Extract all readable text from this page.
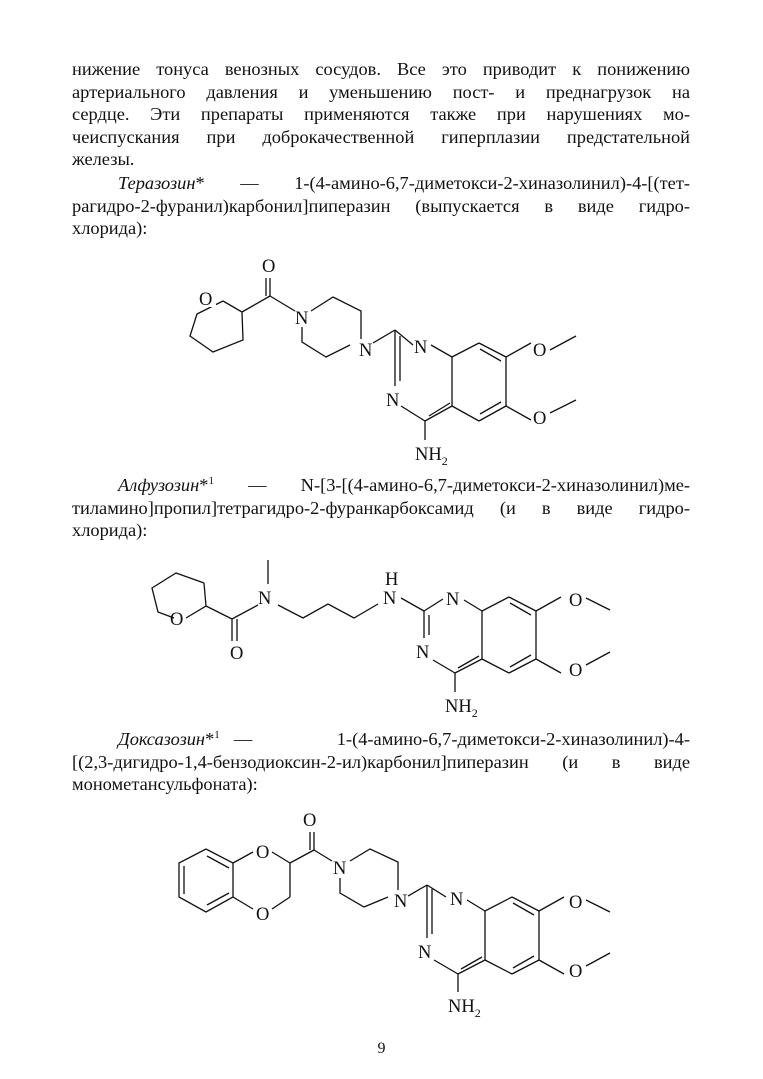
нижение тонуса венозных сосудов. Все это приводит к понижению
артериального давления и уменьшению пост- и преднагрузок на
сердце. Эти препараты применяются также при нарушениях мо-
чеиспускания при доброкачественной гиперплазии предстательной
железы.

Теразозин* — 1-(4-амино-6,7-диметокси-2-хиназолинил)-4-[(тет-
рагидро-2-фуранил)карбонил]пиперазин (выпускается в виде гидро-
хлорида):

O
O
N
N N
N
$NH_2$
O
O

Алфузозин*$^1$ — N-[3-[(4-амино-6,7-диметокси-2-хиназолинил)ме-
тиламино]пропил]тетрагидро-2-фуранкарбоксамид (и в виде гидро-
хлорида):

O
O
N
H
N	N
N
$NH_2$
O
O

Доксазозин*$^1$ —      1-(4-амино-6,7-диметокси-2-хиназолинил)-4-
[(2,3-дигидро-1,4-бензодиоксин-2-ил)карбонил]пиперазин (и в виде
монометансульфоната):

O
O
O
N
N N
N
$NH_2$
O
O
9
